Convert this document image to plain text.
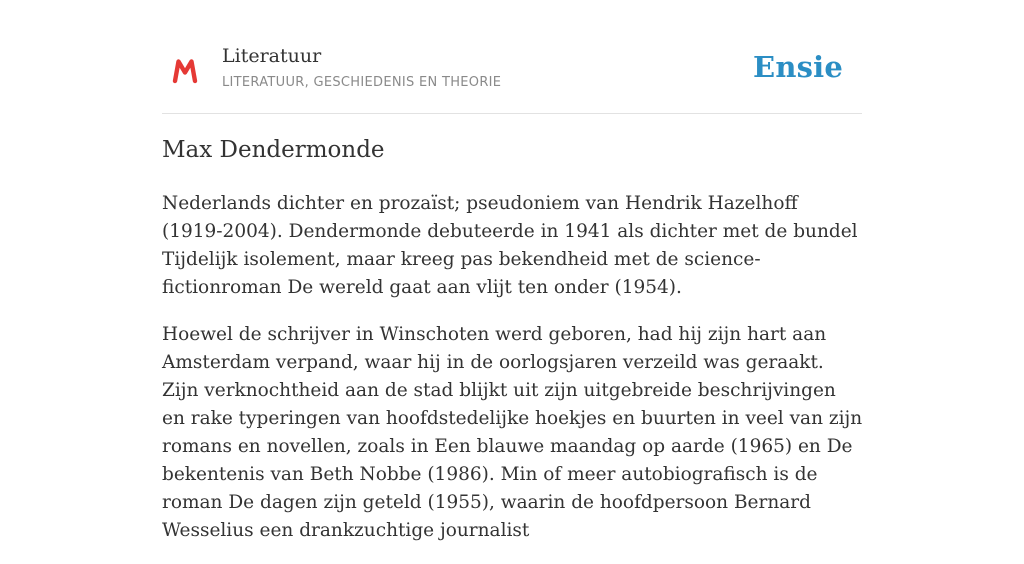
Literatuur
LITERATUUR, GESCHIEDENIS EN THEORIE	Ensie
Max Dendermonde

Nederlands dichter en prozaïst; pseudoniem van Hendrik Hazelhoff (1919-2004). Dendermonde debuteerde in 1941 als dichter met de bundel Tijdelijk isolement, maar kreeg pas bekendheid met de science-fictionroman De wereld gaat aan vlijt ten onder (1954).

Hoewel de schrijver in Winschoten werd geboren, had hij zijn hart aan Amsterdam verpand, waar hij in de oorlogsjaren verzeild was geraakt. Zijn verknochtheid aan de stad blijkt uit zijn uitgebreide beschrijvingen en rake typeringen van hoofdstedelijke hoekjes en buurten in veel van zijn romans en novellen, zoals in Een blauwe maandag op aarde (1965) en De bekentenis van Beth Nobbe (1986). Min of meer autobiografisch is de roman De dagen zijn geteld (1955), waarin de hoofdpersoon Bernard Wesselius een drankzuchtige journalist
